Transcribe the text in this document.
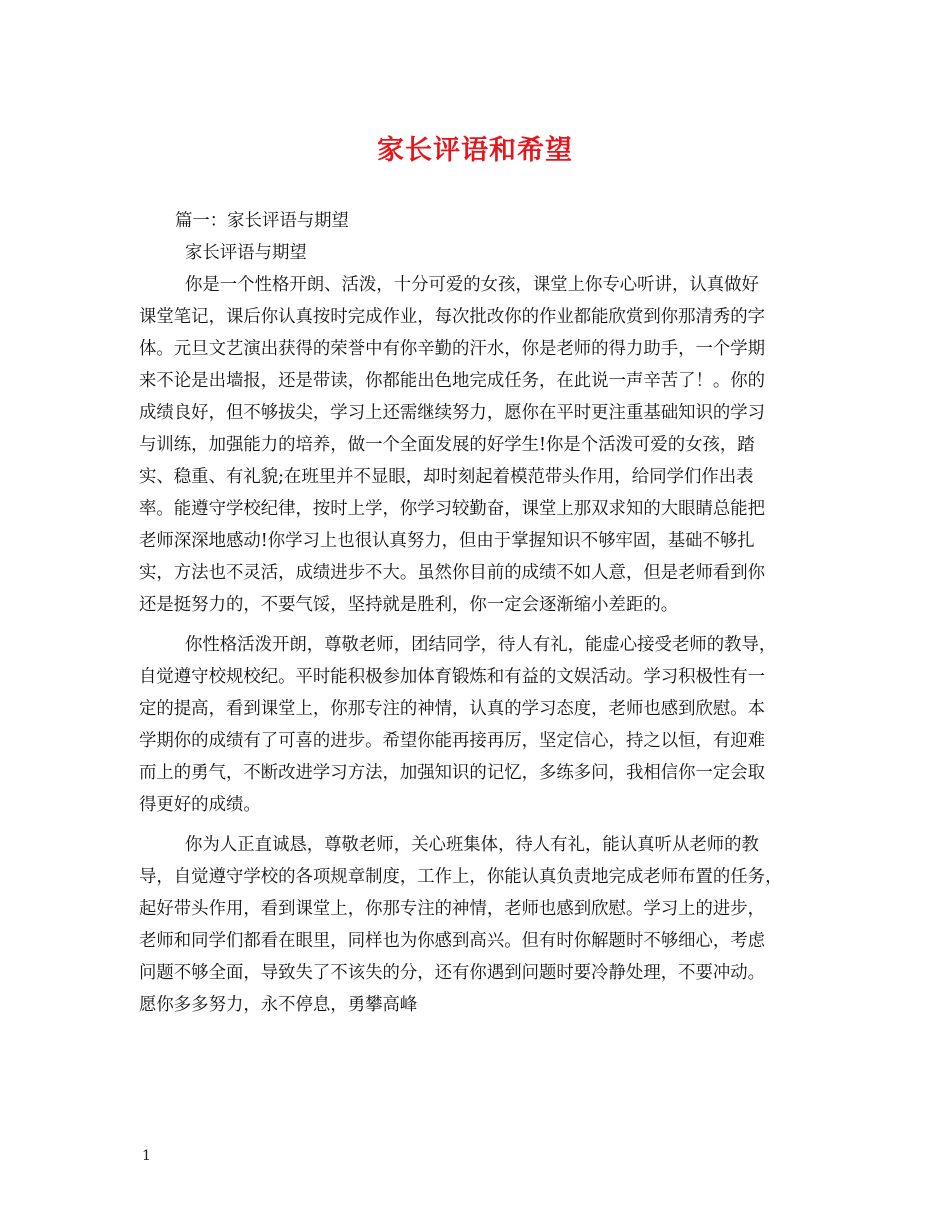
家长评语和希望
篇一：家长评语与期望
家长评语与期望
你是一个性格开朗、活泼，十分可爱的女孩，课堂上你专心听讲，认真做好
课堂笔记，课后你认真按时完成作业，每次批改你的作业都能欣赏到你那清秀的字
体。元旦文艺演出获得的荣誉中有你辛勤的汗水，你是老师的得力助手，一个学期
来不论是出墙报，还是带读，你都能出色地完成任务，在此说一声辛苦了！。你的
成绩良好，但不够拔尖，学习上还需继续努力，愿你在平时更注重基础知识的学习
与训练，加强能力的培养，做一个全面发展的好学生!你是个活泼可爱的女孩，踏
实、稳重、有礼貌;在班里并不显眼，却时刻起着模范带头作用，给同学们作出表
率。能遵守学校纪律，按时上学，你学习较勤奋，课堂上那双求知的大眼睛总能把
老师深深地感动!你学习上也很认真努力，但由于掌握知识不够牢固，基础不够扎
实，方法也不灵活，成绩进步不大。虽然你目前的成绩不如人意，但是老师看到你
还是挺努力的，不要气馁，坚持就是胜利，你一定会逐渐缩小差距的。
你性格活泼开朗，尊敬老师，团结同学，待人有礼，能虚心接受老师的教导，
自觉遵守校规校纪。平时能积极参加体育锻炼和有益的文娱活动。学习积极性有一
定的提高，看到课堂上，你那专注的神情，认真的学习态度，老师也感到欣慰。本
学期你的成绩有了可喜的进步。希望你能再接再厉，坚定信心，持之以恒，有迎难
而上的勇气，不断改进学习方法，加强知识的记忆，多练多问，我相信你一定会取
得更好的成绩。
你为人正直诚恳，尊敬老师，关心班集体，待人有礼，能认真听从老师的教
导，自觉遵守学校的各项规章制度，工作上，你能认真负责地完成老师布置的任务，
起好带头作用，看到课堂上，你那专注的神情，老师也感到欣慰。学习上的进步，
老师和同学们都看在眼里，同样也为你感到高兴。但有时你解题时不够细心，考虑
问题不够全面，导致失了不该失的分，还有你遇到问题时要冷静处理，不要冲动。
愿你多多努力，永不停息，勇攀高峰
1
